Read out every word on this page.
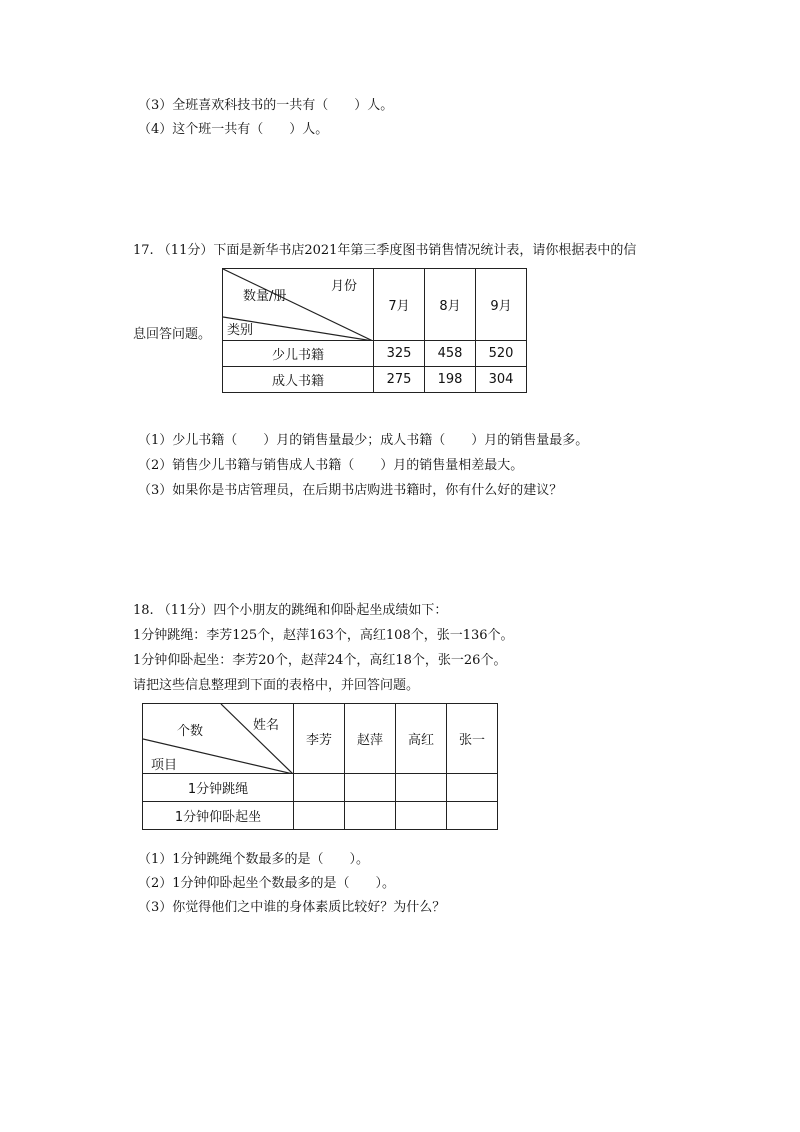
（3）全班喜欢科技书的一共有（　　）人。
（4）这个班一共有（　　）人。
17. （11分）下面是新华书店2021年第三季度图书销售情况统计表，请你根据表中的信
息回答问题。
月份
数量/册
类别	7月	8月	9月
少儿书籍	325	458	520
成人书籍	275	198	304
（1）少儿书籍（　　）月的销售量最少；成人书籍（　　）月的销售量最多。
（2）销售少儿书籍与销售成人书籍（　　）月的销售量相差最大。
（3）如果你是书店管理员，在后期书店购进书籍时，你有什么好的建议？
18. （11分）四个小朋友的跳绳和仰卧起坐成绩如下：
1分钟跳绳：李芳125个，赵萍163个，高红108个，张一136个。
1分钟仰卧起坐：李芳20个，赵萍24个，高红18个，张一26个。
请把这些信息整理到下面的表格中，并回答问题。
姓名
个数
项目	李芳	赵萍	高红	张一
1分钟跳绳				
1分钟仰卧起坐				
（1）1分钟跳绳个数最多的是（　　）。
（2）1分钟仰卧起坐个数最多的是（　　）。
（3）你觉得他们之中谁的身体素质比较好？为什么？
